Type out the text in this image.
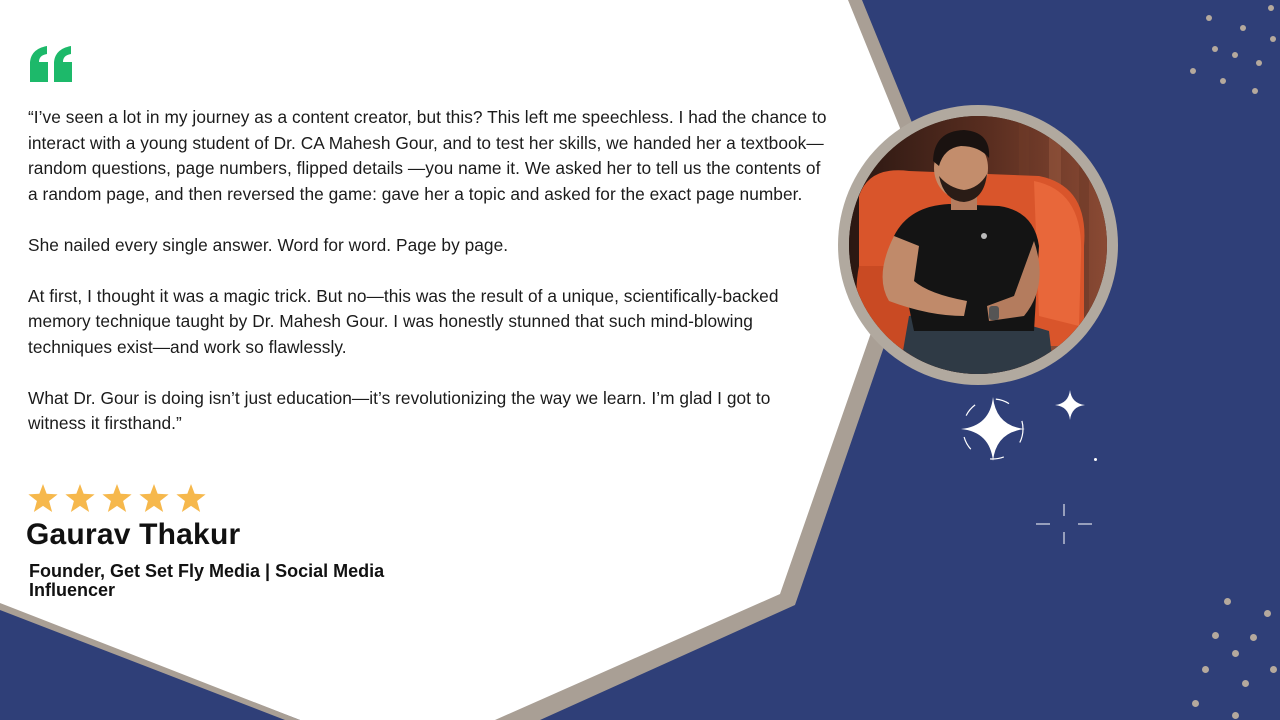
“I’ve seen a lot in my journey as a content creator, but this? This left me speechless. I had the chance to interact with a young student of Dr. CA Mahesh Gour, and to test her skills, we handed her a textbook—random questions, page numbers, flipped details —you name it. We asked her to tell us the contents of a random page, and then reversed the game: gave her a topic and asked for the exact page number.

She nailed every single answer. Word for word. Page by page.

At first, I thought it was a magic trick. But no—this was the result of a unique, scientifically-backed memory technique taught by Dr. Mahesh Gour. I was honestly stunned that such mind-blowing techniques exist—and work so flawlessly.

What Dr. Gour is doing isn’t just education—it’s revolutionizing the way we learn. I’m glad I got to witness it firsthand.”

Gaurav Thakur
Founder, Get Set Fly Media | Social Media Influencer
